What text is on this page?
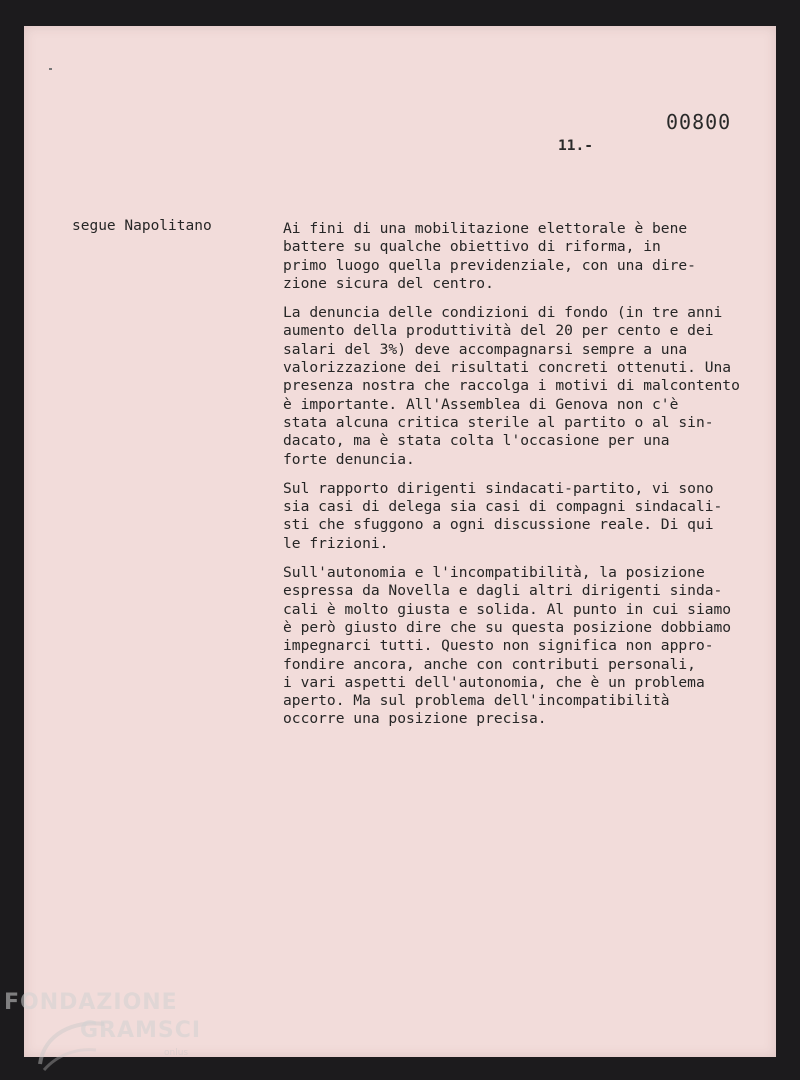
00800
11.-
segue Napolitano	Ai fini di una mobilitazione elettorale è bene
battere su qualche obiettivo di riforma, in
primo luogo quella previdenziale, con una dire-
zione sicura del centro.

La denuncia delle condizioni di fondo (in tre anni
aumento della produttività del 20 per cento e dei
salari del 3%) deve accompagnarsi sempre a una
valorizzazione dei risultati concreti ottenuti. Una
presenza nostra che raccolga i motivi di malcontento
è importante. All'Assemblea di Genova non c'è
stata alcuna critica sterile al partito o al sin-
dacato, ma è stata colta l'occasione per una
forte denuncia.

Sul rapporto dirigenti sindacati-partito, vi sono
sia casi di delega sia casi di compagni sindacali-
sti che sfuggono a ogni discussione reale. Di qui
le frizioni.

Sull'autonomia e l'incompatibilità, la posizione
espressa da Novella e dagli altri dirigenti sinda-
cali è molto giusta e solida. Al punto in cui siamo
è però giusto dire che su questa posizione dobbiamo
impegnarci tutti. Questo non significa non appro-
fondire ancora, anche con contributi personali,
i vari aspetti dell'autonomia, che è un problema
aperto. Ma sul problema dell'incompatibilità
occorre una posizione precisa.

FONDAZIONE
GRAMSCI
onlus
